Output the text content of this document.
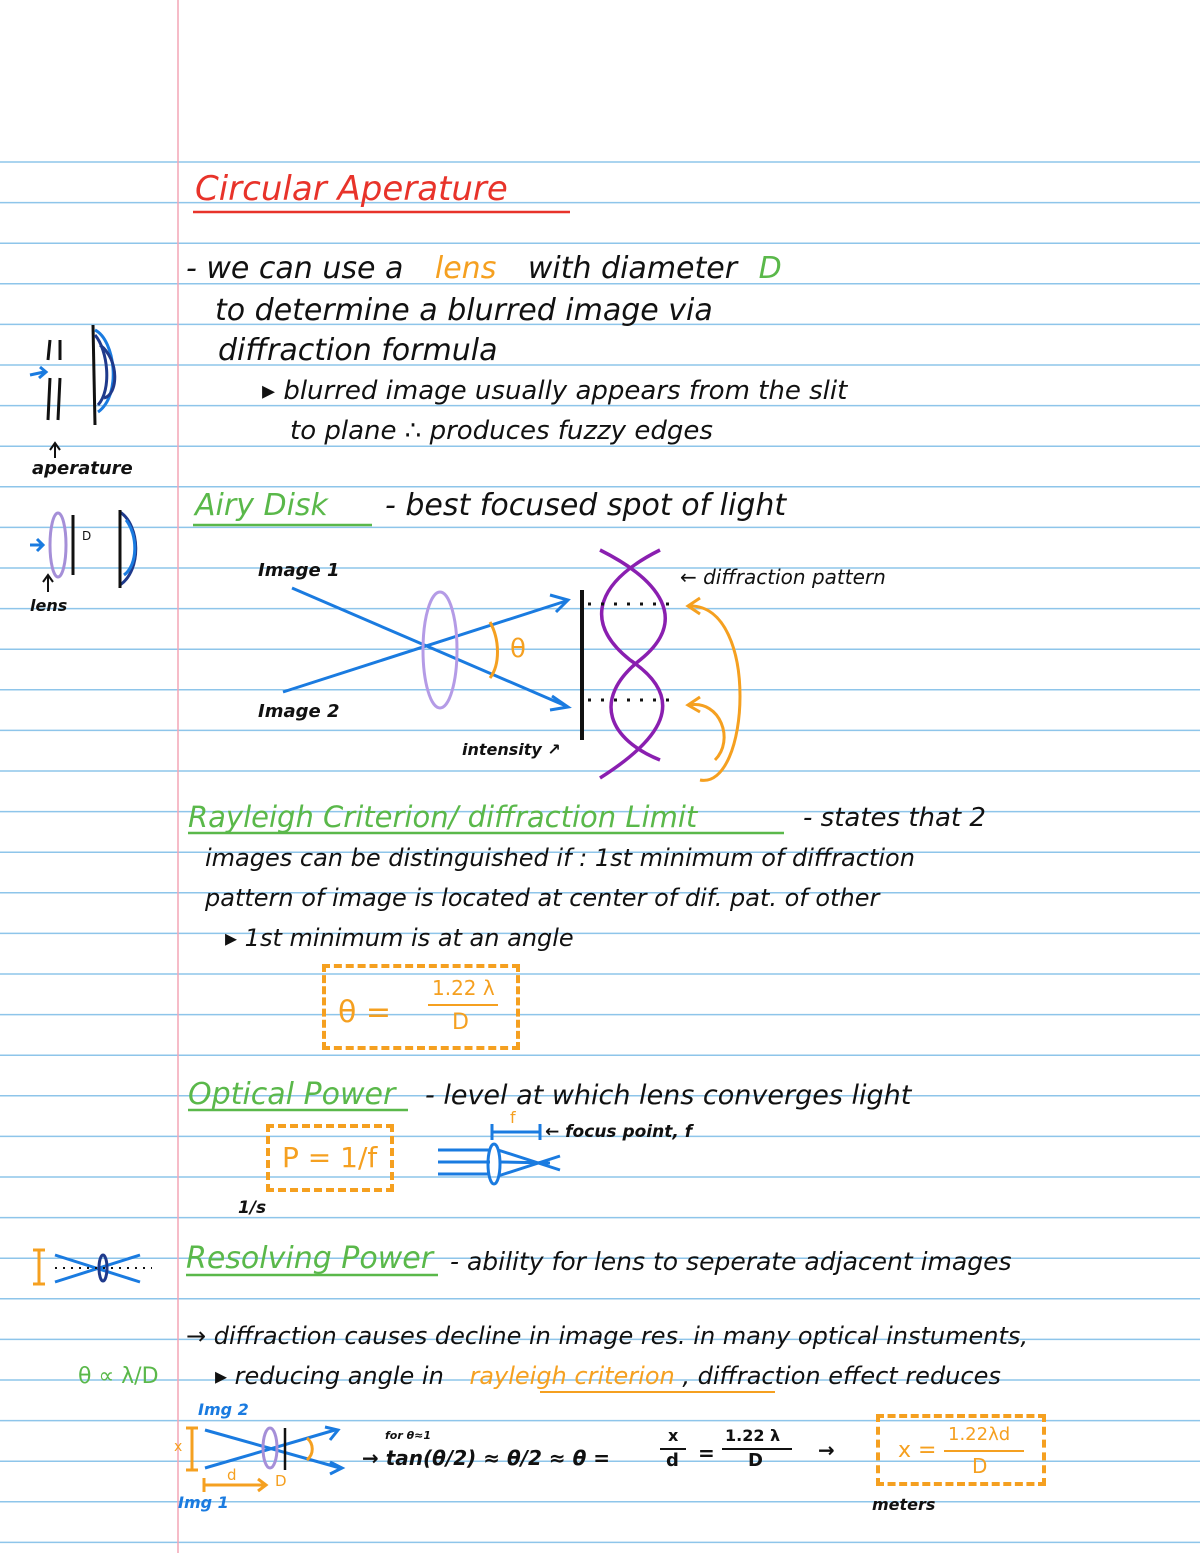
Circular Aperature
- we can use a lens with diameter D
to determine a blurred image via
diffraction formula
▸ blurred image usually appears from the slit
to plane ∴ produces fuzzy edges
aperature
lens
D
Airy Disk - best focused spot of light
Image 1
Image 2
θ
← diffraction pattern
intensity ↗
Rayleigh Criterion/ diffraction Limit	- states that 2
images can be distinguished if : 1st minimum of diffraction
pattern of image is located at center of dif. pat. of other
▸ 1st minimum is at an angle
θ =
1.22 λ
D
Optical Power - level at which lens converges light
P = 1/f
f
← focus point, f
1/s
Resolving Power - ability for lens to seperate adjacent images
→ diffraction causes decline in image res. in many optical instuments,
▸ reducing angle in rayleigh criterion , diffraction effect reduces
θ ∝ λ/D
Img 2
Img 1
x
d	D
for θ≈1
→ tan(θ/2) ≈ θ/2 ≈ θ =
x
d =
1.22 λ
D	→	x =
1.22λd
D
meters
